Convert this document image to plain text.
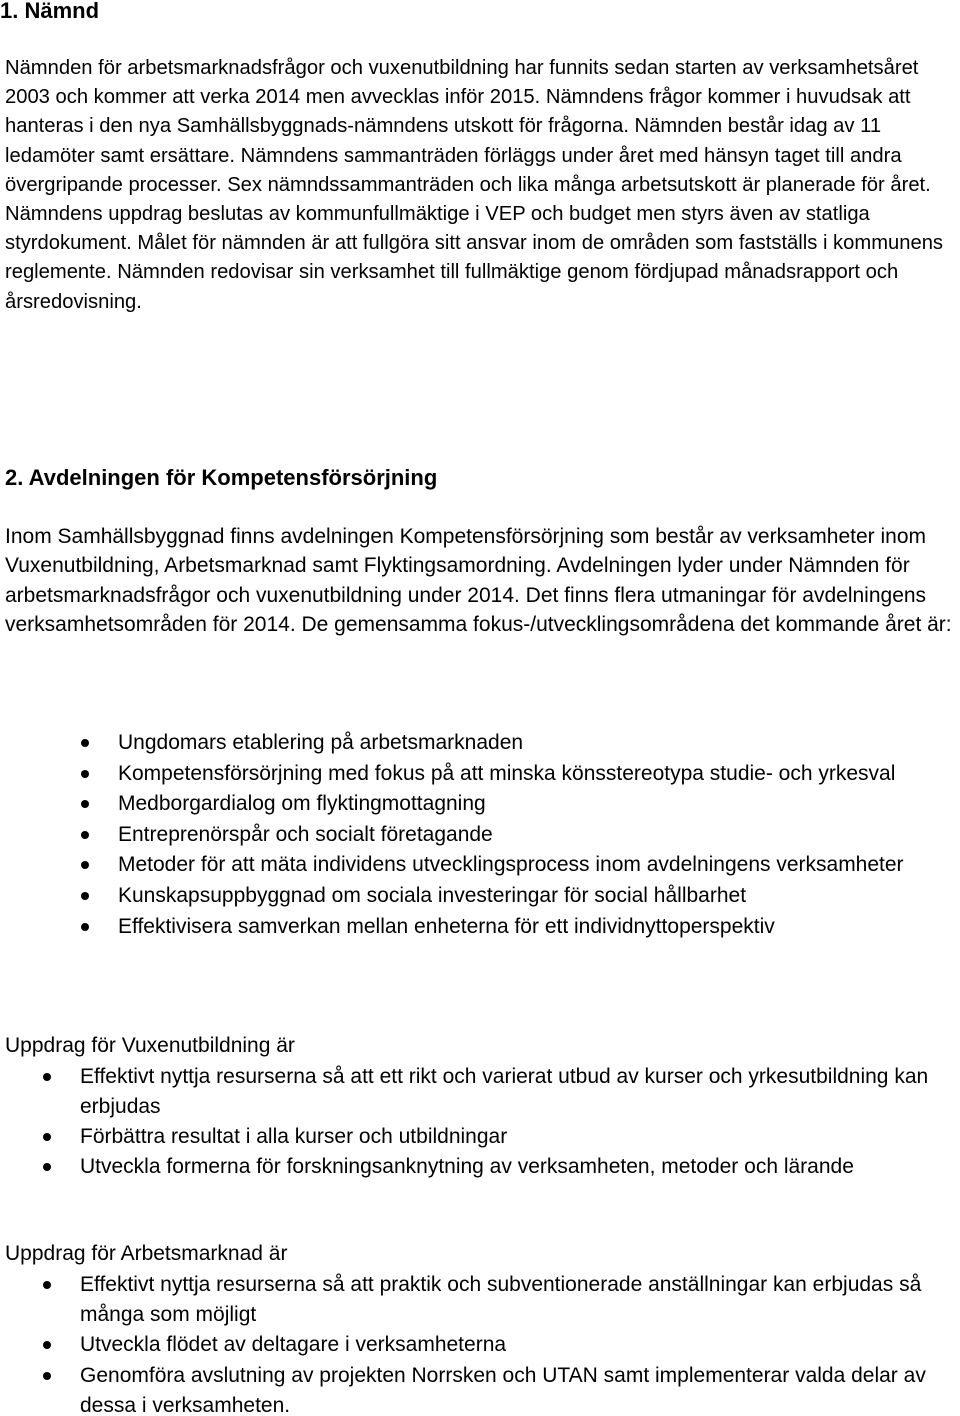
1. Nämnd

Nämnden för arbetsmarknadsfrågor och vuxenutbildning har funnits sedan starten av verksamhetsåret 2003 och kommer att verka 2014 men avvecklas inför 2015. Nämndens frågor kommer i huvudsak att hanteras i den nya Samhällsbyggnads-nämndens utskott för frågorna. Nämnden består idag av 11 ledamöter samt ersättare. Nämndens sammanträden förläggs under året med hänsyn taget till andra övergripande processer. Sex nämndssammanträden och lika många arbetsutskott är planerade för året. Nämndens uppdrag beslutas av kommunfullmäktige i VEP och budget men styrs även av statliga styrdokument. Målet för nämnden är att fullgöra sitt ansvar inom de områden som fastställs i kommunens reglemente. Nämnden redovisar sin verksamhet till fullmäktige genom fördjupad månadsrapport och årsredovisning.

2. Avdelningen för Kompetensförsörjning

Inom Samhällsbyggnad finns avdelningen Kompetensförsörjning som består av verksamheter inom Vuxenutbildning, Arbetsmarknad samt Flyktingsamordning. Avdelningen lyder under Nämnden för arbetsmarknadsfrågor och vuxenutbildning under 2014. Det finns flera utmaningar för avdelningens verksamhetsområden för 2014. De gemensamma fokus-/utvecklingsområdena det kommande året är:

Ungdomars etablering på arbetsmarknaden
Kompetensförsörjning med fokus på att minska könsstereotypa studie- och yrkesval
Medborgardialog om flyktingmottagning
Entreprenörspår och socialt företagande
Metoder för att mäta individens utvecklingsprocess inom avdelningens verksamheter
Kunskapsuppbyggnad om sociala investeringar för social hållbarhet
Effektivisera samverkan mellan enheterna för ett individnyttoperspektiv

Uppdrag för Vuxenutbildning är

Effektivt nyttja resurserna så att ett rikt och varierat utbud av kurser och yrkesutbildning kan erbjudas
Förbättra resultat i alla kurser och utbildningar
Utveckla formerna för forskningsanknytning av verksamheten, metoder och lärande

Uppdrag för Arbetsmarknad är

Effektivt nyttja resurserna så att praktik och subventionerade anställningar kan erbjudas så många som möjligt
Utveckla flödet av deltagare i verksamheterna
Genomföra avslutning av projekten Norrsken och UTAN samt implementerar valda delar av dessa i verksamheten.
